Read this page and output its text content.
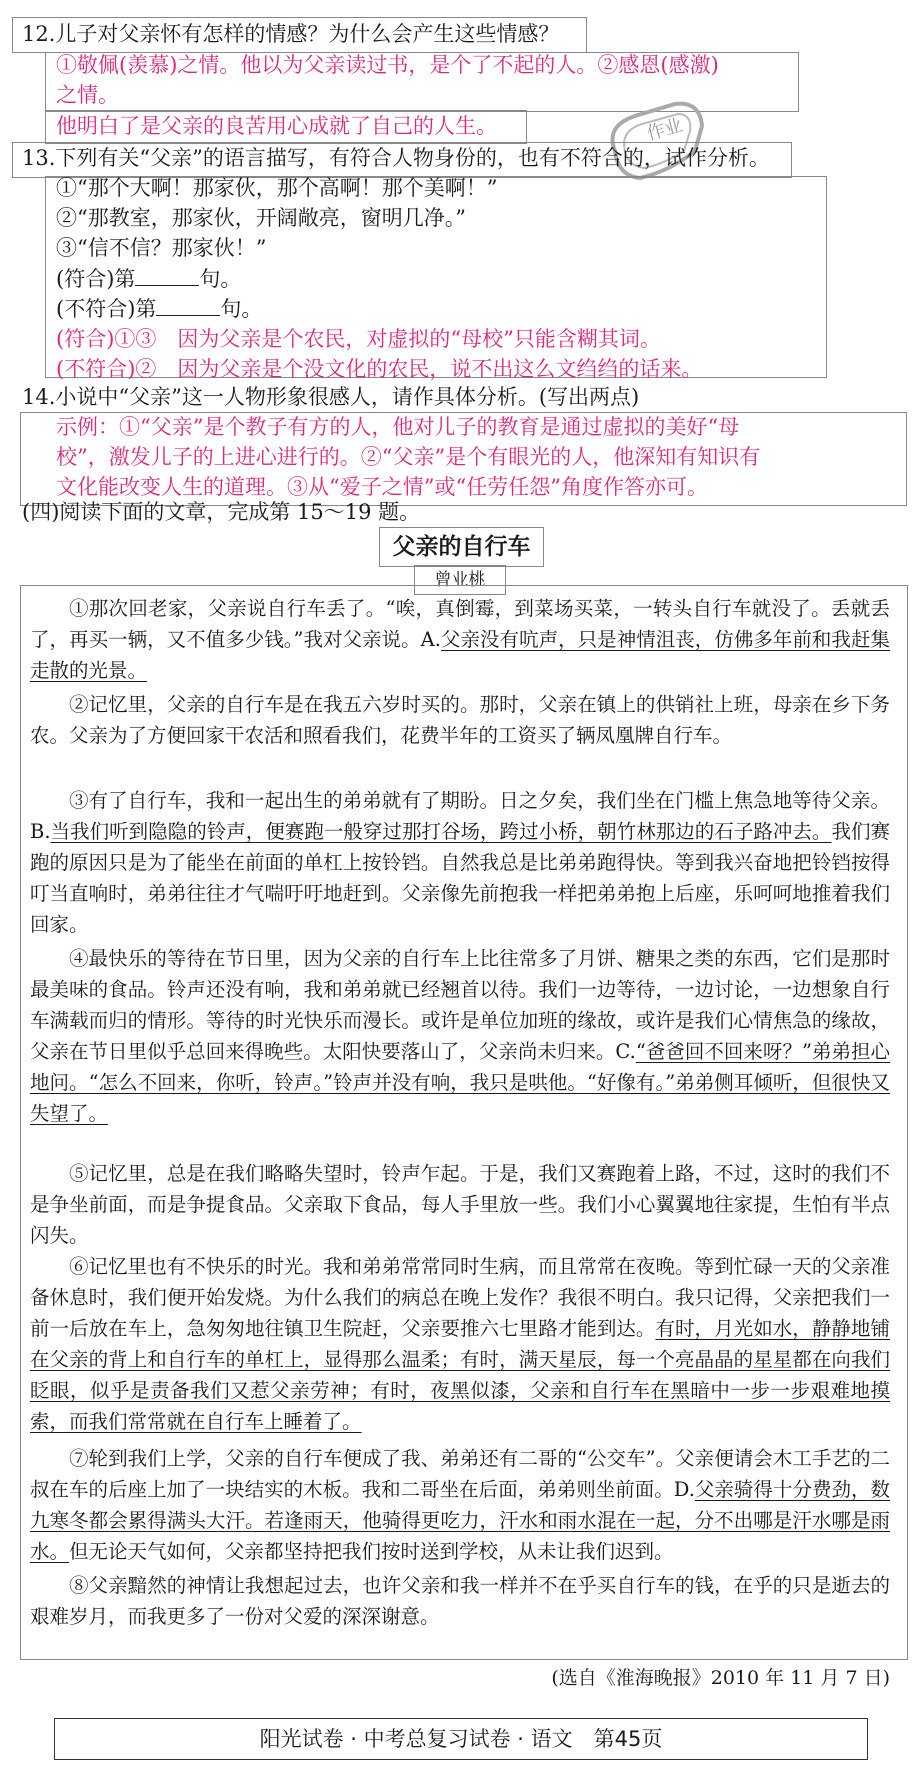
12.儿子对父亲怀有怎样的情感？为什么会产生这些情感？
①敬佩(羡慕)之情。他以为父亲读过书，是个了不起的人。②感恩(感激)
之情。
他明白了是父亲的良苦用心成就了自己的人生。	作业
13.下列有关“父亲”的语言描写，有符合人物身份的，也有不符合的，试作分析。
①“那个大啊！那家伙，那个高啊！那个美啊！”
②“那教室，那家伙，开阔敞亮，窗明几净。”
③“信不信？那家伙！”
(符合)第	句。
(不符合)第	句。
(符合)①③　因为父亲是个农民，对虚拟的“母校”只能含糊其词。
(不符合)②　因为父亲是个没文化的农民，说不出这么文绉绉的话来。
14.小说中“父亲”这一人物形象很感人，请作具体分析。(写出两点)
示例：①“父亲”是个教子有方的人，他对儿子的教育是通过虚拟的美好“母
校”，激发儿子的上进心进行的。②“父亲”是个有眼光的人，他深知有知识有
文化能改变人生的道理。③从“爱子之情”或“任劳任怨”角度作答亦可。
(四)阅读下面的文章，完成第 15～19 题。
父亲的自行车
曾业桃

①那次回老家，父亲说自行车丢了。“唉，真倒霉，到菜场买菜，一转头自行车就没了。丢就丢了，再买一辆，又不值多少钱。”我对父亲说。A.父亲没有吭声，只是神情沮丧，仿佛多年前和我赶集走散的光景。

②记忆里，父亲的自行车是在我五六岁时买的。那时，父亲在镇上的供销社上班，母亲在乡下务农。父亲为了方便回家干农活和照看我们，花费半年的工资买了辆凤凰牌自行车。

③有了自行车，我和一起出生的弟弟就有了期盼。日之夕矣，我们坐在门槛上焦急地等待父亲。B.当我们听到隐隐的铃声，便赛跑一般穿过那打谷场，跨过小桥，朝竹林那边的石子路冲去。我们赛跑的原因只是为了能坐在前面的单杠上按铃铛。自然我总是比弟弟跑得快。等到我兴奋地把铃铛按得叮当直响时，弟弟往往才气喘吁吁地赶到。父亲像先前抱我一样把弟弟抱上后座，乐呵呵地推着我们回家。

④最快乐的等待在节日里，因为父亲的自行车上比往常多了月饼、糖果之类的东西，它们是那时最美味的食品。铃声还没有响，我和弟弟就已经翘首以待。我们一边等待，一边讨论，一边想象自行车满载而归的情形。等待的时光快乐而漫长。或许是单位加班的缘故，或许是我们心情焦急的缘故，父亲在节日里似乎总回来得晚些。太阳快要落山了，父亲尚未归来。C.“爸爸回不回来呀？”弟弟担心地问。“怎么不回来，你听，铃声。”铃声并没有响，我只是哄他。“好像有。”弟弟侧耳倾听，但很快又失望了。

⑤记忆里，总是在我们略略失望时，铃声乍起。于是，我们又赛跑着上路，不过，这时的我们不是争坐前面，而是争提食品。父亲取下食品，每人手里放一些。我们小心翼翼地往家提，生怕有半点闪失。

⑥记忆里也有不快乐的时光。我和弟弟常常同时生病，而且常常在夜晚。等到忙碌一天的父亲准备休息时，我们便开始发烧。为什么我们的病总在晚上发作？我很不明白。我只记得，父亲把我们一前一后放在车上，急匆匆地往镇卫生院赶，父亲要推六七里路才能到达。有时，月光如水，静静地铺在父亲的背上和自行车的单杠上，显得那么温柔；有时，满天星辰，每一个亮晶晶的星星都在向我们眨眼，似乎是责备我们又惹父亲劳神；有时，夜黑似漆，父亲和自行车在黑暗中一步一步艰难地摸索，而我们常常就在自行车上睡着了。

⑦轮到我们上学，父亲的自行车便成了我、弟弟还有二哥的“公交车”。父亲便请会木工手艺的二叔在车的后座上加了一块结实的木板。我和二哥坐在后面，弟弟则坐前面。D.父亲骑得十分费劲，数九寒冬都会累得满头大汗。若逢雨天，他骑得更吃力，汗水和雨水混在一起，分不出哪是汗水哪是雨水。但无论天气如何，父亲都坚持把我们按时送到学校，从未让我们迟到。

⑧父亲黯然的神情让我想起过去，也许父亲和我一样并不在乎买自行车的钱，在乎的只是逝去的艰难岁月，而我更多了一份对父爱的深深谢意。

(选自《淮海晚报》2010 年 11 月 7 日)
阳光试卷 · 中考总复习试卷 · 语文　第45页
